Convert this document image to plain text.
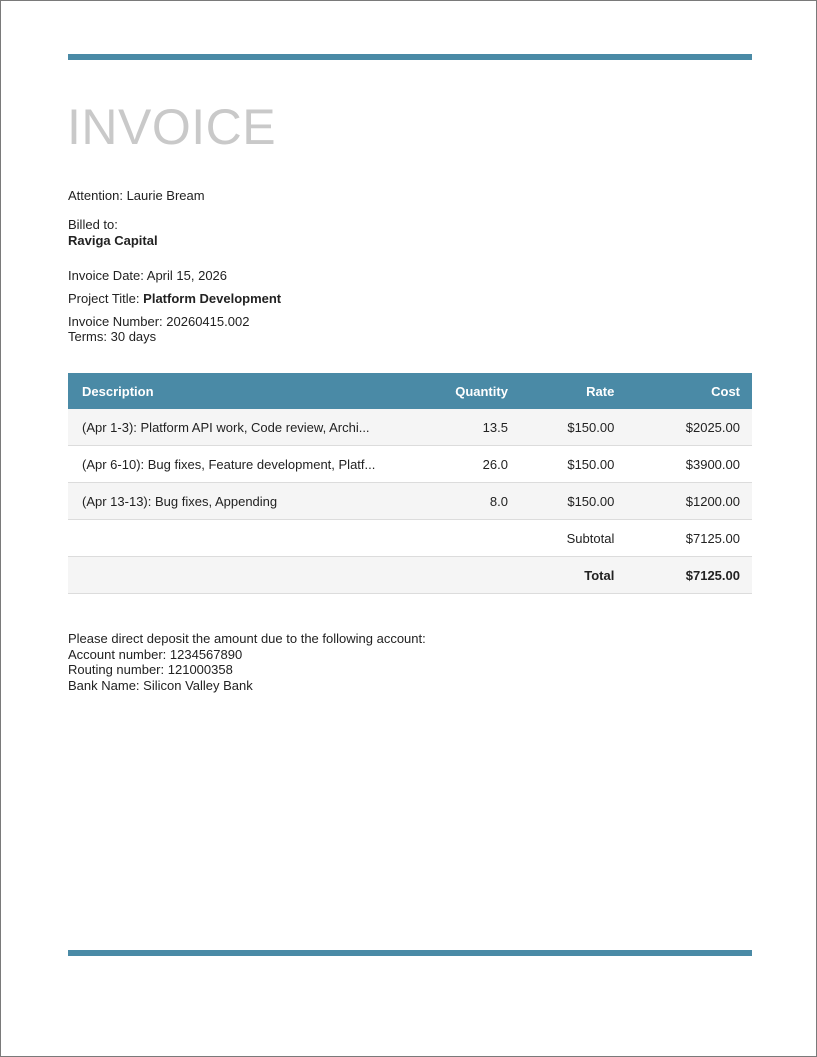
INVOICE
Attention: Laurie Bream
Billed to:
Raviga Capital
Invoice Date: April 15, 2026
Project Title: Platform Development
Invoice Number: 20260415.002
Terms: 30 days
Description	Quantity	Rate	Cost
(Apr 1-3): Platform API work, Code review, Archi...	13.5	$150.00	$2025.00
(Apr 6-10): Bug fixes, Feature development, Platf...	26.0	$150.00	$3900.00
(Apr 13-13): Bug fixes, Appending	8.0	$150.00	$1200.00
		Subtotal	$7125.00
		Total	$7125.00
Please direct deposit the amount due to the following account:
Account number: 1234567890
Routing number: 121000358
Bank Name: Silicon Valley Bank
